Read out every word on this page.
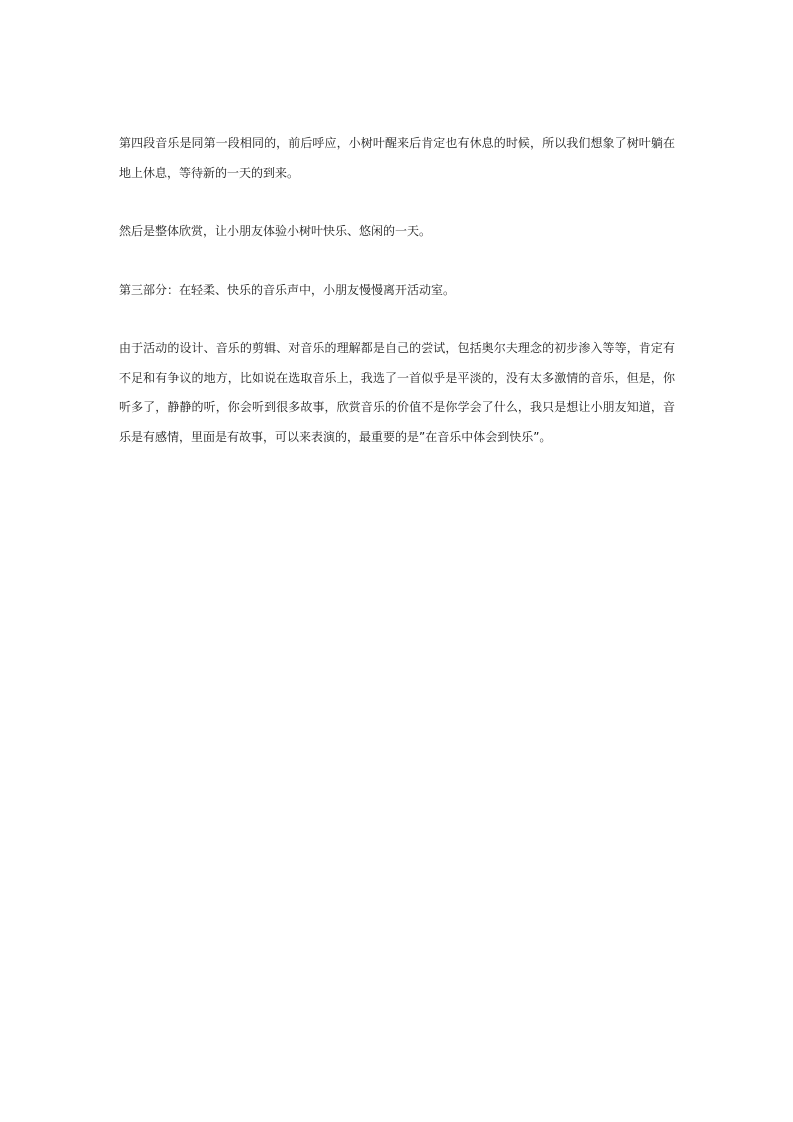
第四段音乐是同第一段相同的，前后呼应，小树叶醒来后肯定也有休息的时候，所以我们想象了树叶躺在地上休息，等待新的一天的到来。

然后是整体欣赏，让小朋友体验小树叶快乐、悠闲的一天。

第三部分：在轻柔、快乐的音乐声中，小朋友慢慢离开活动室。

由于活动的设计、音乐的剪辑、对音乐的理解都是自己的尝试，包括奥尔夫理念的初步渗入等等，肯定有不足和有争议的地方，比如说在选取音乐上，我选了一首似乎是平淡的，没有太多激情的音乐，但是，你听多了，静静的听，你会听到很多故事，欣赏音乐的价值不是你学会了什么，我只是想让小朋友知道，音乐是有感情，里面是有故事，可以来表演的，最重要的是”在音乐中体会到快乐”。
